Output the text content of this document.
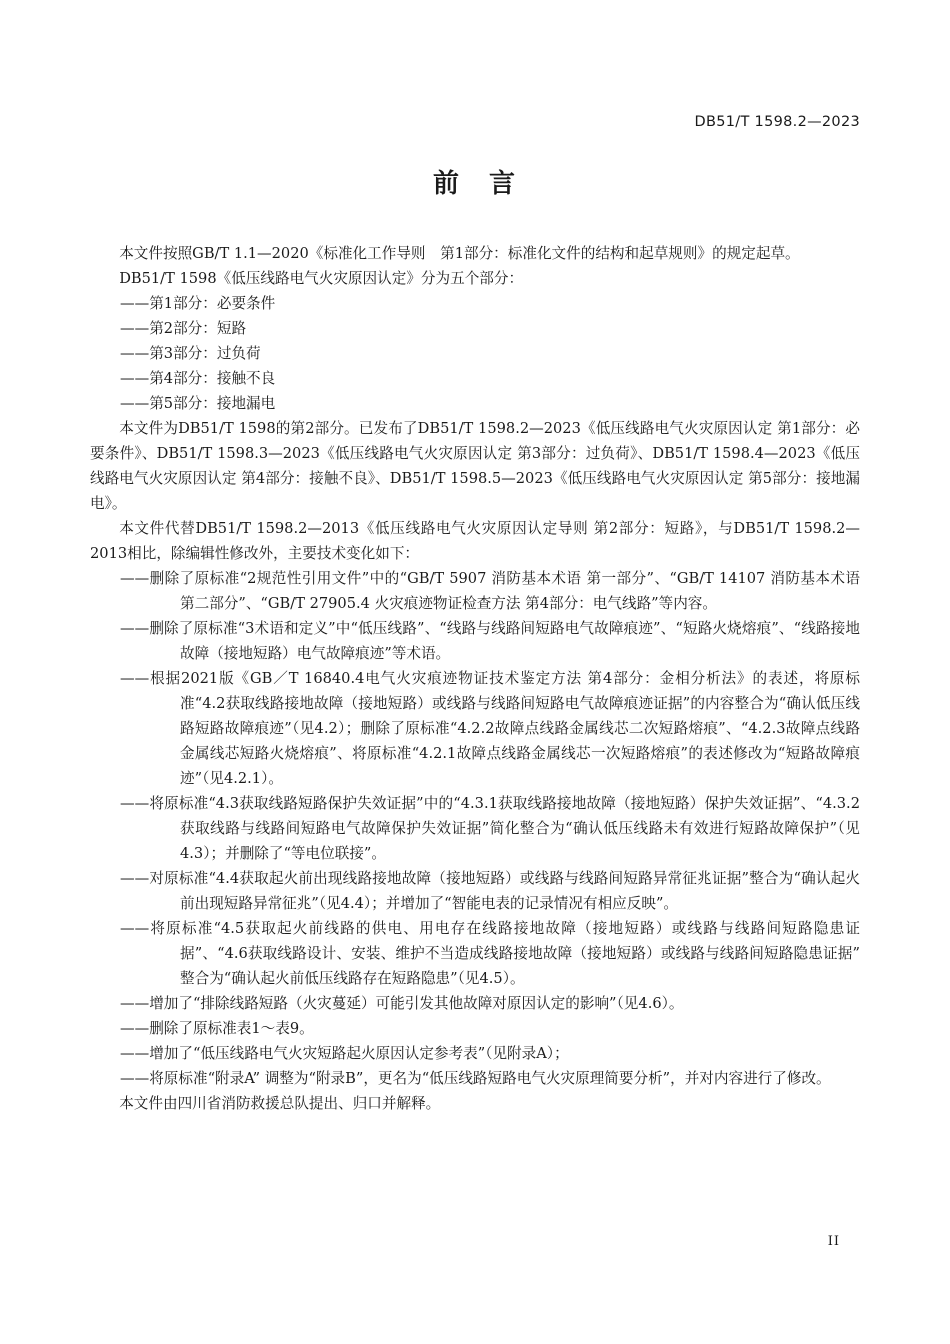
DB51/T 1598.2—2023
前　言

本文件按照GB/T 1.1—2020《标准化工作导则　第1部分：标准化文件的结构和起草规则》的规定起草。

DB51/T 1598《低压线路电气火灾原因认定》分为五个部分：

——第1部分：必要条件

——第2部分：短路

——第3部分：过负荷

——第4部分：接触不良

——第5部分：接地漏电

本文件为DB51/T 1598的第2部分。已发布了DB51/T 1598.2—2023《低压线路电气火灾原因认定 第1部分：必要条件》、DB51/T 1598.3—2023《低压线路电气火灾原因认定 第3部分：过负荷》、DB51/T 1598.4—2023《低压线路电气火灾原因认定 第4部分：接触不良》、DB51/T 1598.5—2023《低压线路电气火灾原因认定 第5部分：接地漏电》。

本文件代替DB51/T 1598.2—2013《低压线路电气火灾原因认定导则 第2部分：短路》，与DB51/T 1598.2—2013相比，除编辑性修改外，主要技术变化如下：

——删除了原标准“2规范性引用文件”中的“GB/T 5907 消防基本术语 第一部分”、“GB/T 14107 消防基本术语 第二部分”、“GB/T 27905.4 火灾痕迹物证检查方法 第4部分：电气线路”等内容。

——删除了原标准“3术语和定义”中“低压线路”、“线路与线路间短路电气故障痕迹”、“短路火烧熔痕”、“线路接地故障（接地短路）电气故障痕迹”等术语。

——根据2021版《GB／T 16840.4电气火灾痕迹物证技术鉴定方法 第4部分：金相分析法》的表述，将原标准“4.2获取线路接地故障（接地短路）或线路与线路间短路电气故障痕迹证据”的内容整合为“确认低压线路短路故障痕迹”（见4.2）；删除了原标准“4.2.2故障点线路金属线芯二次短路熔痕”、“4.2.3故障点线路金属线芯短路火烧熔痕”、将原标准“4.2.1故障点线路金属线芯一次短路熔痕”的表述修改为“短路故障痕迹”（见4.2.1）。

——将原标准“4.3获取线路短路保护失效证据”中的“4.3.1获取线路接地故障（接地短路）保护失效证据”、“4.3.2获取线路与线路间短路电气故障保护失效证据”简化整合为“确认低压线路未有效进行短路故障保护”（见4.3）；并删除了“等电位联接”。

——对原标准“4.4获取起火前出现线路接地故障（接地短路）或线路与线路间短路异常征兆证据”整合为“确认起火前出现短路异常征兆”（见4.4）；并增加了“智能电表的记录情况有相应反映”。

——将原标准“4.5获取起火前线路的供电、用电存在线路接地故障（接地短路）或线路与线路间短路隐患证据”、“4.6获取线路设计、安装、维护不当造成线路接地故障（接地短路）或线路与线路间短路隐患证据”　整合为“确认起火前低压线路存在短路隐患”（见4.5）。

——增加了“排除线路短路（火灾蔓延）可能引发其他故障对原因认定的影响”（见4.6）。

——删除了原标准表1～表9。

——增加了“低压线路电气火灾短路起火原因认定参考表”（见附录A）；

——将原标准“附录A” 调整为“附录B”，更名为“低压线路短路电气火灾原理简要分析”，并对内容进行了修改。

本文件由四川省消防救援总队提出、归口并解释。

II
